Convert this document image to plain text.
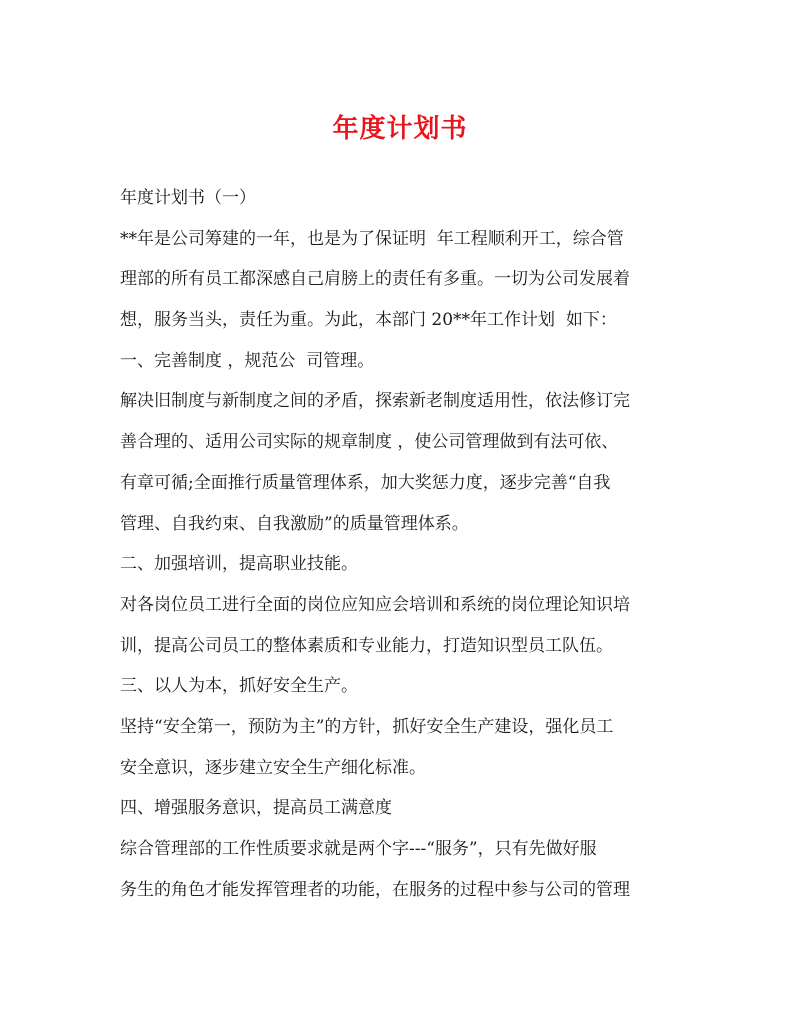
年度计划书
年度计划书（一）
**年是公司筹建的一年，也是为了保证明  年工程顺利开工，综合管
理部的所有员工都深感自己肩膀上的责任有多重。一切为公司发展着
想，服务当头，责任为重。为此，本部门 20**年工作计划  如下：
一、完善制度 ，规范公  司管理。
解决旧制度与新制度之间的矛盾，探索新老制度适用性，依法修订完
善合理的、适用公司实际的规章制度 ，使公司管理做到有法可依、
有章可循;全面推行质量管理体系，加大奖惩力度，逐步完善“自我
管理、自我约束、自我激励”的质量管理体系。
二、加强培训，提高职业技能。
对各岗位员工进行全面的岗位应知应会培训和系统的岗位理论知识培
训，提高公司员工的整体素质和专业能力，打造知识型员工队伍。
三、以人为本，抓好安全生产。
坚持“安全第一，预防为主”的方针，抓好安全生产建设，强化员工
安全意识，逐步建立安全生产细化标准。
四、增强服务意识，提高员工满意度
综合管理部的工作性质要求就是两个字---“服务”，只有先做好服
务生的角色才能发挥管理者的功能，在服务的过程中参与公司的管理
